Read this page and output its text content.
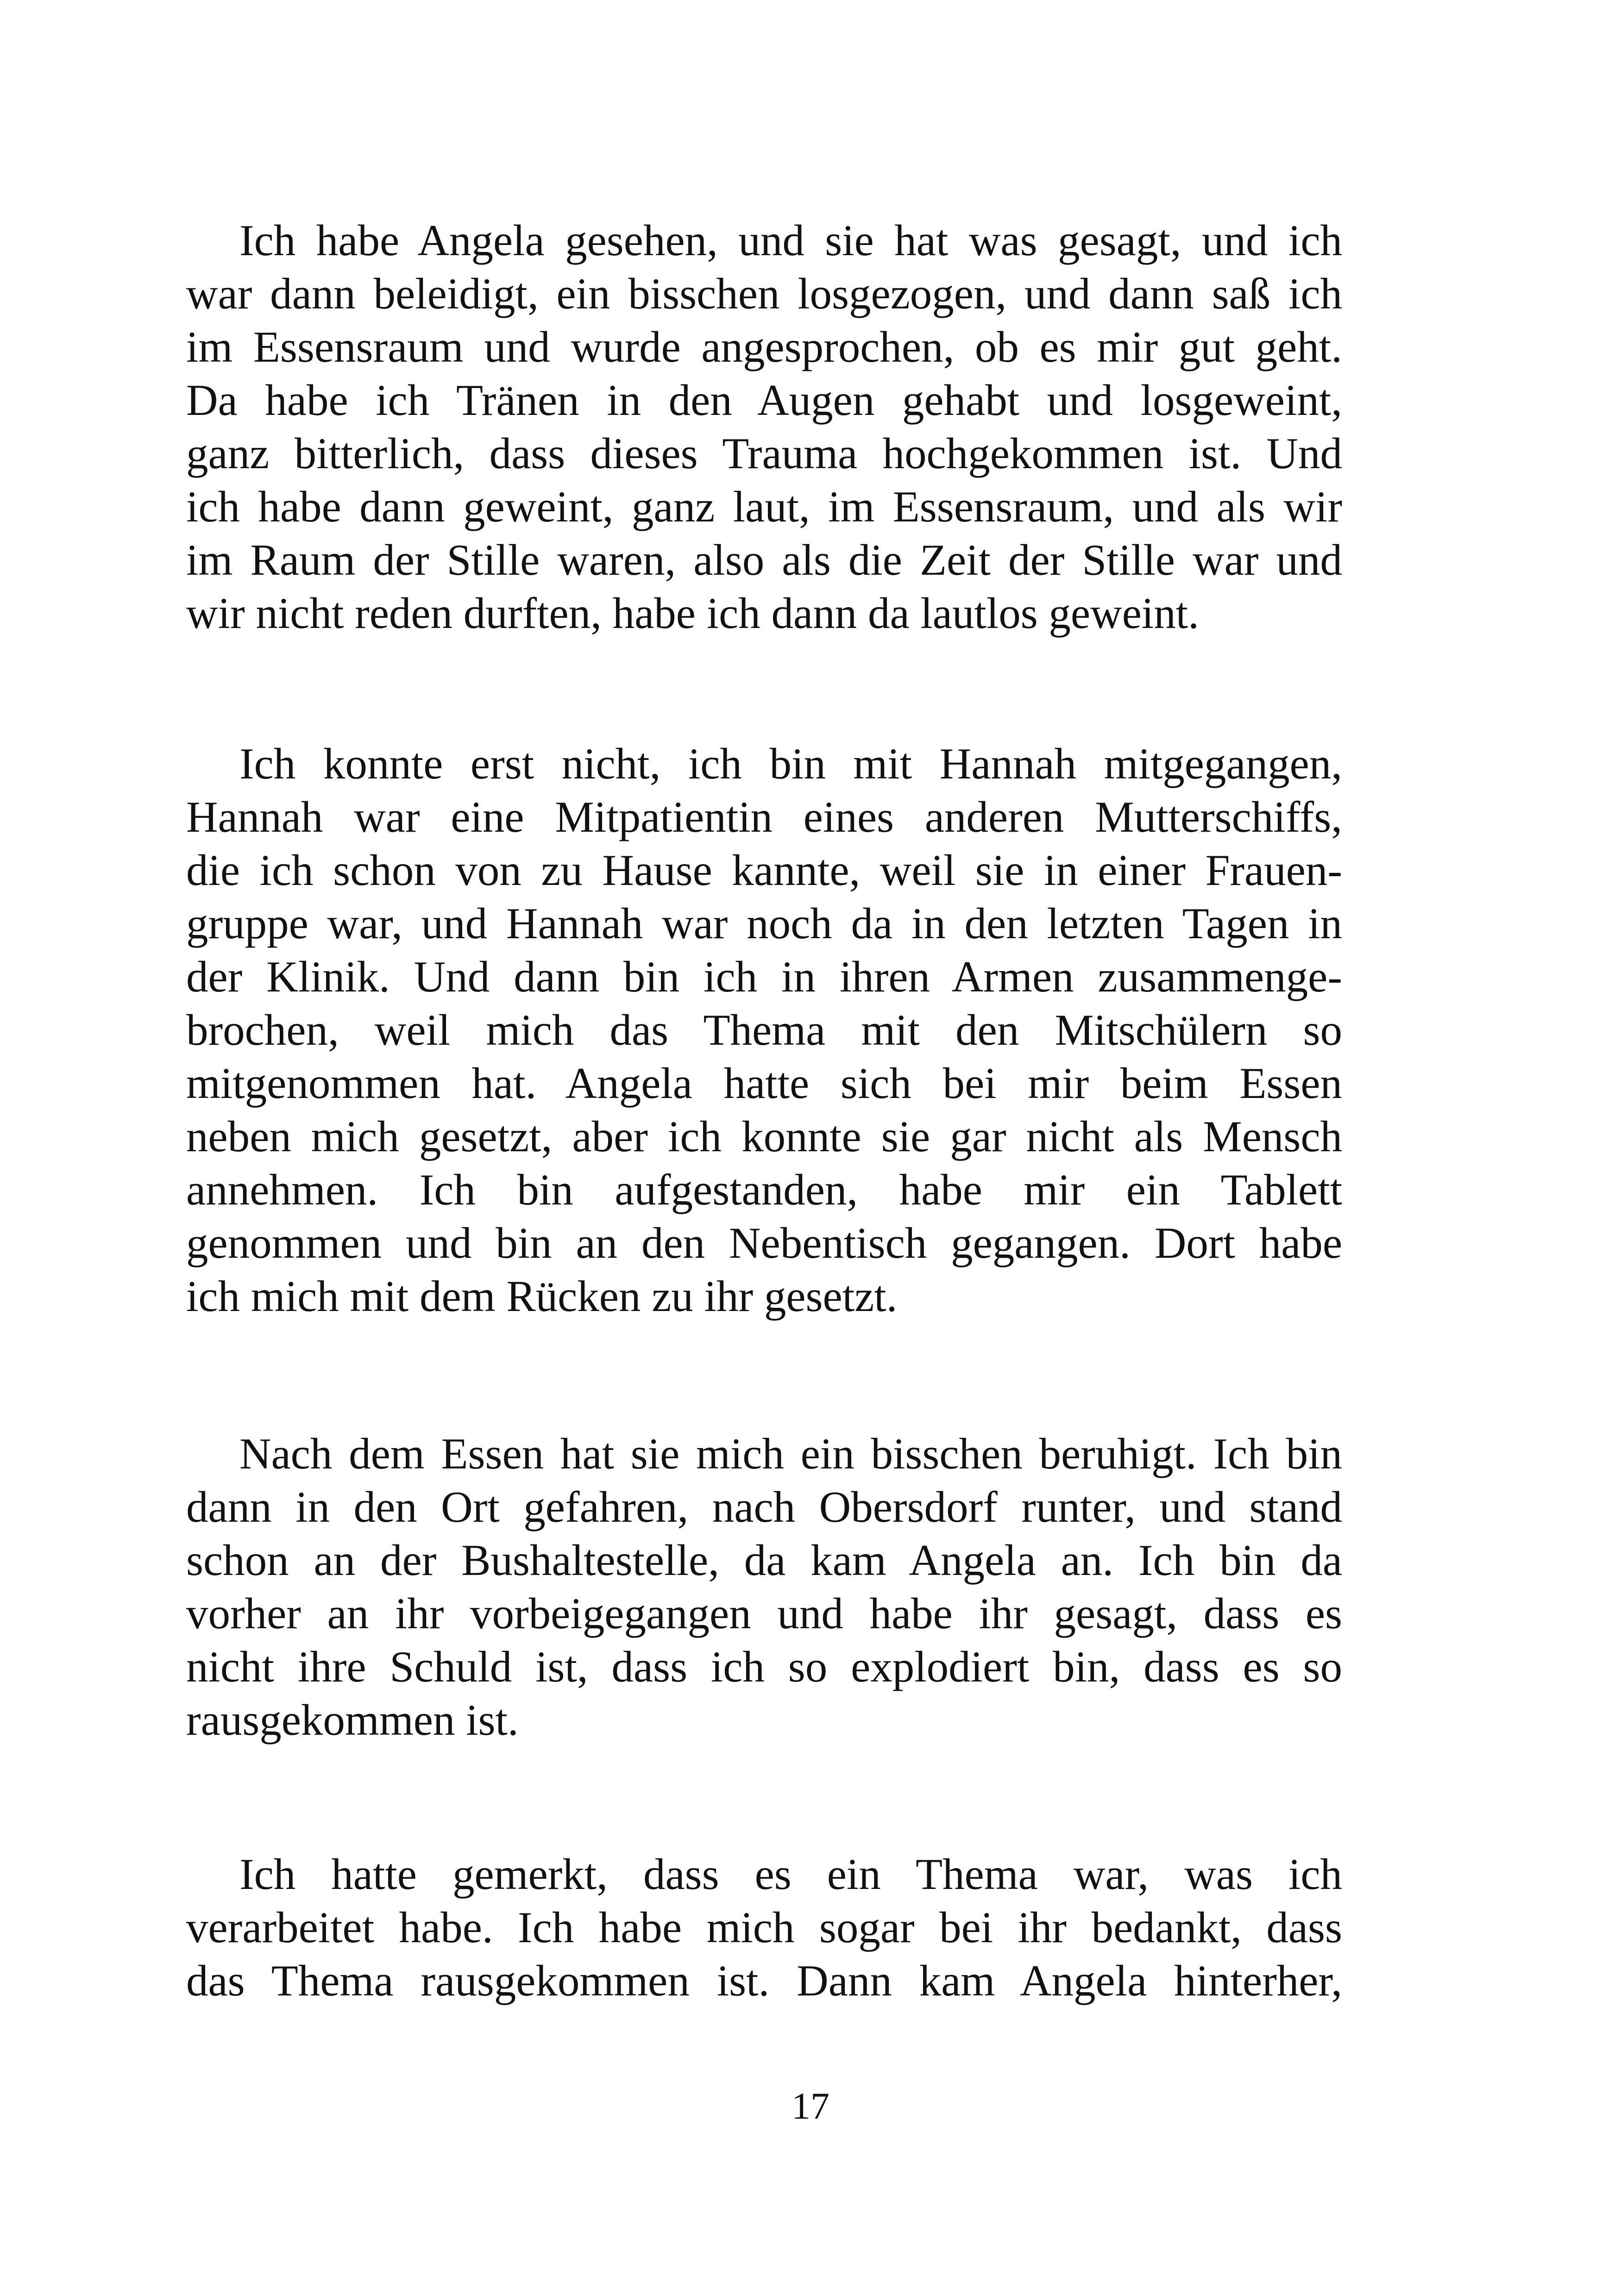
Ich habe Angela gesehen, und sie hat was gesagt, und ich
war dann beleidigt, ein bisschen losgezogen, und dann saß ich
im Essensraum und wurde angesprochen, ob es mir gut geht.
Da habe ich Tränen in den Augen gehabt und losgeweint,
ganz bitterlich, dass dieses Trauma hochgekommen ist. Und
ich habe dann geweint, ganz laut, im Essensraum, und als wir
im Raum der Stille waren, also als die Zeit der Stille war und
wir nicht reden durften, habe ich dann da lautlos geweint.
Ich konnte erst nicht, ich bin mit Hannah mitgegangen,
Hannah war eine Mitpatientin eines anderen Mutterschiffs,
die ich schon von zu Hause kannte, weil sie in einer Frauen-
gruppe war, und Hannah war noch da in den letzten Tagen in
der Klinik. Und dann bin ich in ihren Armen zusammenge-
brochen, weil mich das Thema mit den Mitschülern so
mitgenommen hat. Angela hatte sich bei mir beim Essen
neben mich gesetzt, aber ich konnte sie gar nicht als Mensch
annehmen. Ich bin aufgestanden, habe mir ein Tablett
genommen und bin an den Nebentisch gegangen. Dort habe
ich mich mit dem Rücken zu ihr gesetzt.
Nach dem Essen hat sie mich ein bisschen beruhigt. Ich bin
dann in den Ort gefahren, nach Obersdorf runter, und stand
schon an der Bushaltestelle, da kam Angela an. Ich bin da
vorher an ihr vorbeigegangen und habe ihr gesagt, dass es
nicht ihre Schuld ist, dass ich so explodiert bin, dass es so
rausgekommen ist.
Ich hatte gemerkt, dass es ein Thema war, was ich
verarbeitet habe. Ich habe mich sogar bei ihr bedankt, dass
das Thema rausgekommen ist. Dann kam Angela hinterher,
17
